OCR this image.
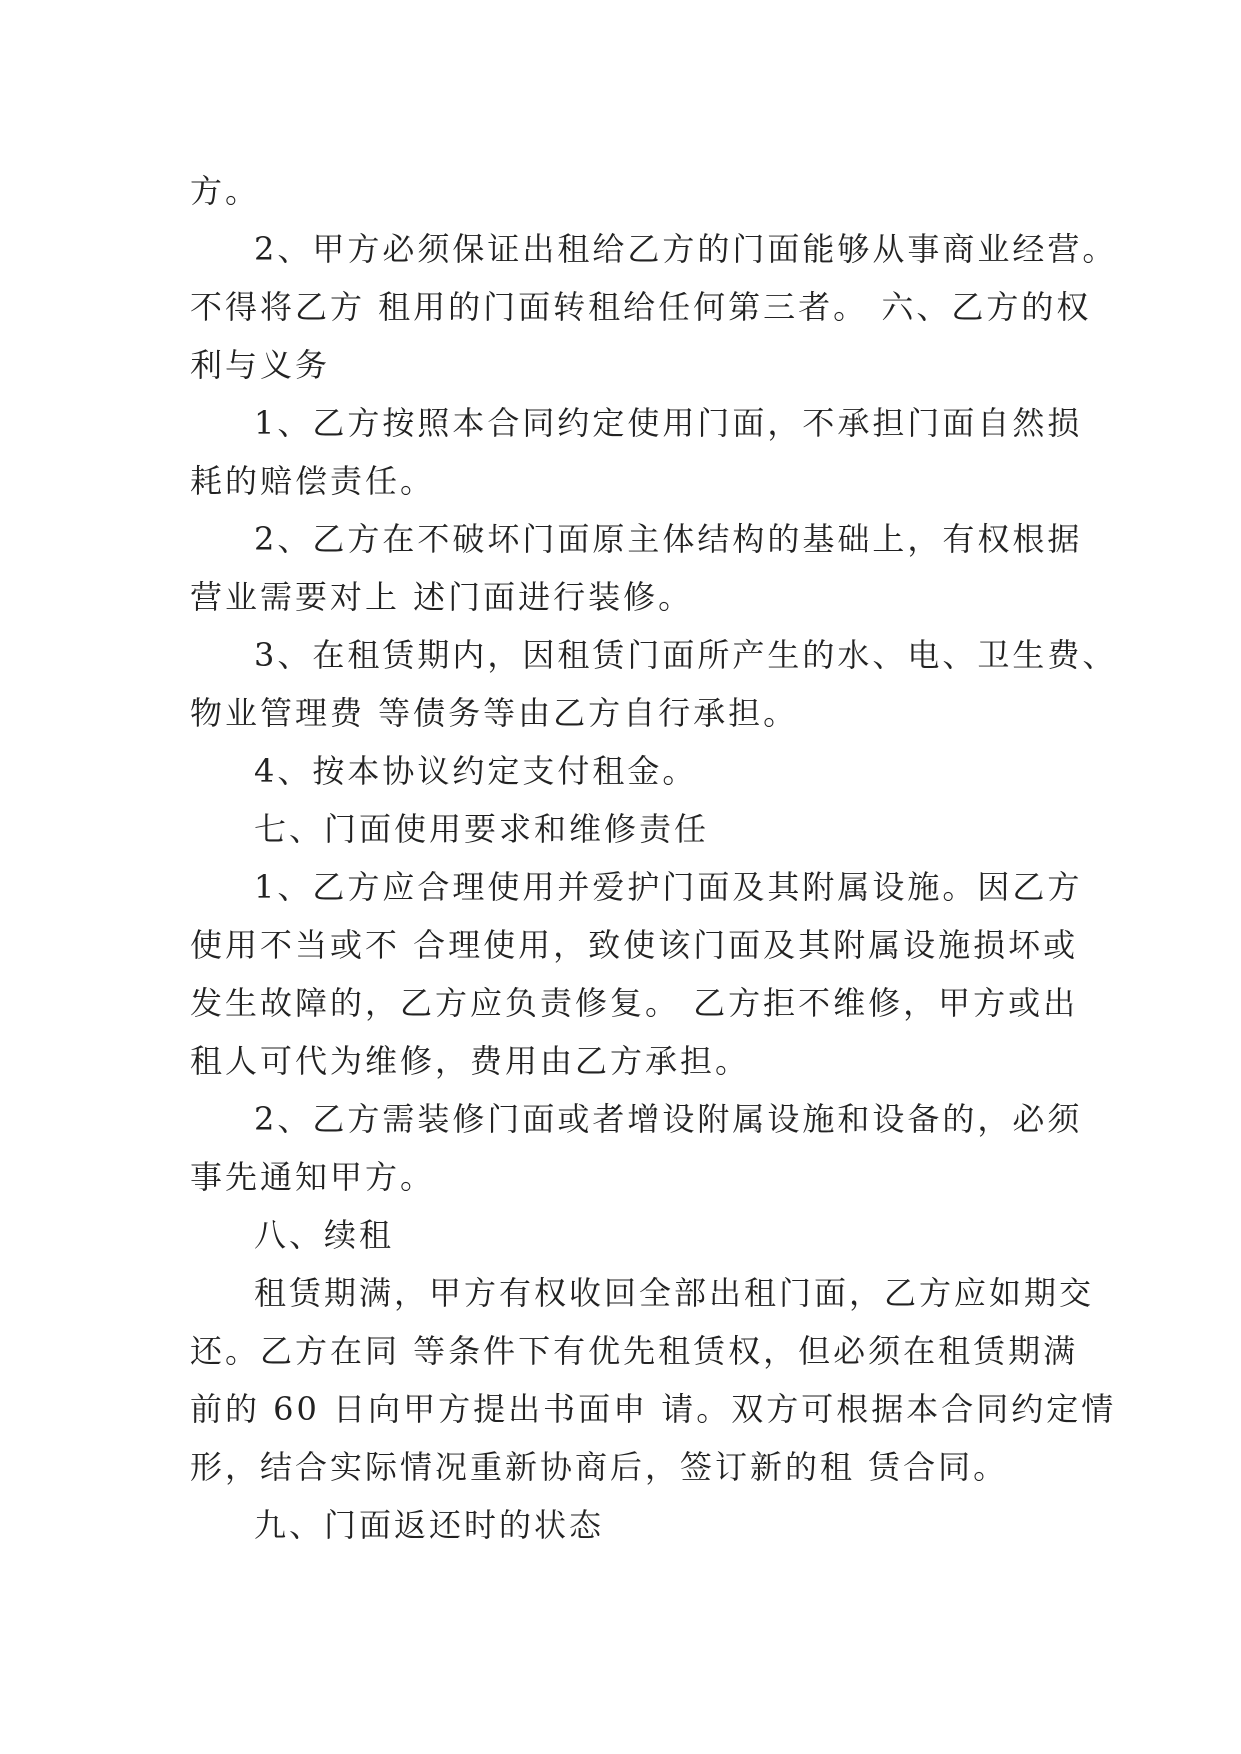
方。
2、甲方必须保证出租给乙方的门面能够从事商业经营。
不得将乙方 租用的门面转租给任何第三者。 六、乙方的权
利与义务
1、乙方按照本合同约定使用门面，不承担门面自然损
耗的赔偿责任。
2、乙方在不破坏门面原主体结构的基础上，有权根据
营业需要对上 述门面进行装修。
3、在租赁期内，因租赁门面所产生的水、电、卫生费、
物业管理费 等债务等由乙方自行承担。
4、按本协议约定支付租金。
七、门面使用要求和维修责任
1、乙方应合理使用并爱护门面及其附属设施。因乙方
使用不当或不 合理使用，致使该门面及其附属设施损坏或
发生故障的，乙方应负责修复。 乙方拒不维修，甲方或出
租人可代为维修，费用由乙方承担。
2、乙方需装修门面或者增设附属设施和设备的，必须
事先通知甲方。
八、续租
租赁期满，甲方有权收回全部出租门面，乙方应如期交
还。乙方在同 等条件下有优先租赁权，但必须在租赁期满
前的 60 日向甲方提出书面申 请。双方可根据本合同约定情
形，结合实际情况重新协商后，签订新的租 赁合同。
九、门面返还时的状态
